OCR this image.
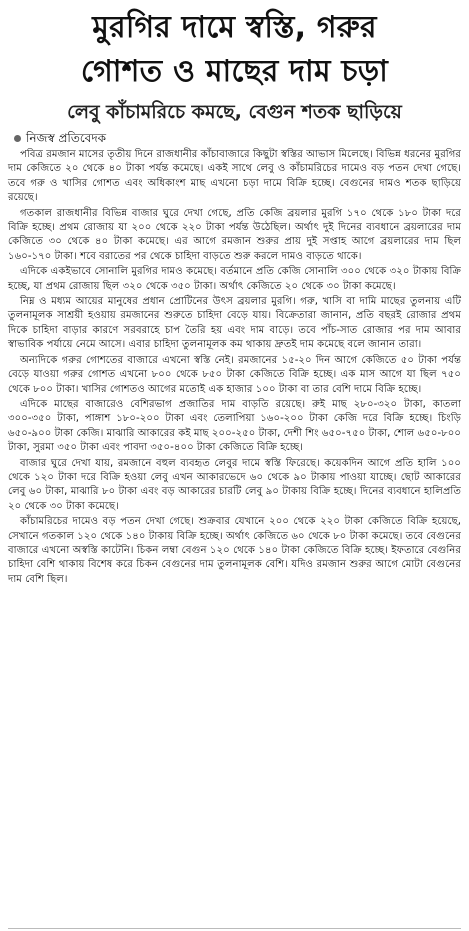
মুরগির দামে স্বস্তি, গরুর
গোশত ও মাছের দাম চড়া
লেবু কাঁচামরিচে কমছে, বেগুন শতক ছাড়িয়ে
নিজস্ব প্রতিবেদক

পবিত্র রমজান মাসের তৃতীয় দিনে রাজধানীর কাঁচাবাজারে কিছুটা স্বস্তির আভাস মিলেছে। বিভিন্ন ধরনের মুরগির দাম কেজিতে ২০ থেকে ৪০ টাকা পর্যন্ত কমেছে। একই সাথে লেবু ও কাঁচামরিচের দামেও বড় পতন দেখা গেছে। তবে গরু ও খাসির গোশত এবং অধিকাংশ মাছ এখনো চড়া দামে বিক্রি হচ্ছে। বেগুনের দামও শতক ছাড়িয়ে রয়েছে।

গতকাল রাজধানীর বিভিন্ন বাজার ঘুরে দেখা গেছে, প্রতি কেজি ব্রয়লার মুরগি ১৭০ থেকে ১৮০ টাকা দরে বিক্রি হচ্ছে। প্রথম রোজায় যা ২০০ থেকে ২২০ টাকা পর্যন্ত উঠেছিল। অর্থাৎ দুই দিনের ব্যবধানে ব্রয়লারের দাম কেজিতে ৩০ থেকে ৪০ টাকা কমেছে। এর আগে রমজান শুরুর প্রায় দুই সপ্তাহ আগে ব্রয়লারের দাম ছিল ১৬০-১৭০ টাকা। শবে বরাতের পর থেকে চাহিদা বাড়তে শুরু করলে দামও বাড়তে থাকে।

এদিকে একইভাবে সোনালি মুরগির দামও কমেছে। বর্তমানে প্রতি কেজি সোনালি ৩০০ থেকে ৩২০ টাকায় বিক্রি হচ্ছে, যা প্রথম রোজায় ছিল ৩২০ থেকে ৩৫০ টাকা। অর্থাৎ কেজিতে ২০ থেকে ৩০ টাকা কমেছে।

নিম্ন ও মধ্যম আয়ের মানুষের প্রধান প্রোটিনের উৎস ব্রয়লার মুরগি। গরু, খাসি বা দামি মাছের তুলনায় এটি তুলনামূলক সাশ্রয়ী হওয়ায় রমজানের শুরুতে চাহিদা বেড়ে যায়। বিক্রেতারা জানান, প্রতি বছরই রোজার প্রথম দিকে চাহিদা বাড়ার কারণে সরবরাহে চাপ তৈরি হয় এবং দাম বাড়ে। তবে পাঁচ-সাত রোজার পর দাম আবার স্বাভাবিক পর্যায়ে নেমে আসে। এবার চাহিদা তুলনামূলক কম থাকায় দ্রুতই দাম কমেছে বলে জানান তারা।

অন্যদিকে গরুর গোশতের বাজারে এখনো স্বস্তি নেই। রমজানের ১৫-২০ দিন আগে কেজিতে ৫০ টাকা পর্যন্ত বেড়ে যাওয়া গরুর গোশত এখনো ৮০০ থেকে ৮৫০ টাকা কেজিতে বিক্রি হচ্ছে। এক মাস আগে যা ছিল ৭৫০ থেকে ৮০০ টাকা। খাসির গোশতও আগের মতোই এক হাজার ১০০ টাকা বা তার বেশি দামে বিক্রি হচ্ছে।

এদিকে মাছের বাজারেও বেশিরভাগ প্রজাতির দাম বাড়তি রয়েছে। রুই মাছ ২৮০-৩২০ টাকা, কাতলা ৩০০-৩৫০ টাকা, পাঙ্গাশ ১৮০-২০০ টাকা এবং তেলাপিয়া ১৬০-২০০ টাকা কেজি দরে বিক্রি হচ্ছে। চিংড়ি ৬৫০-৯০০ টাকা কেজি। মাঝারি আকারের কই মাছ ২০০-২৫০ টাকা, দেশী শিং ৬৫০-৭৫০ টাকা, শোল ৬৫০-৮০০ টাকা, সুরমা ৩৫০ টাকা এবং পাবদা ৩৫০-৪০০ টাকা কেজিতে বিক্রি হচ্ছে।

বাজার ঘুরে দেখা যায়, রমজানে বহুল ব্যবহৃত লেবুর দামে স্বস্তি ফিরেছে। কয়েকদিন আগে প্রতি হালি ১০০ থেকে ১২০ টাকা দরে বিক্রি হওয়া লেবু এখন আকারভেদে ৬০ থেকে ৯০ টাকায় পাওয়া যাচ্ছে। ছোট আকারের লেবু ৬০ টাকা, মাঝারি ৮০ টাকা এবং বড় আকারের চারটি লেবু ৯০ টাকায় বিক্রি হচ্ছে। দিনের ব্যবধানে হালিপ্রতি ২০ থেকে ৩০ টাকা কমেছে।

কাঁচামরিচের দামেও বড় পতন দেখা গেছে। শুক্রবার যেখানে ২০০ থেকে ২২০ টাকা কেজিতে বিক্রি হয়েছে, সেখানে গতকাল ১২০ থেকে ১৪০ টাকায় বিক্রি হচ্ছে। অর্থাৎ কেজিতে ৬০ থেকে ৮০ টাকা কমেছে। তবে বেগুনের বাজারে এখনো অস্বস্তি কাটেনি। চিকন লম্বা বেগুন ১২০ থেকে ১৪০ টাকা কেজিতে বিক্রি হচ্ছে। ইফতারে বেগুনির চাহিদা বেশি থাকায় বিশেষ করে চিকন বেগুনের দাম তুলনামূলক বেশি। যদিও রমজান শুরুর আগে মোটা বেগুনের দাম বেশি ছিল।
